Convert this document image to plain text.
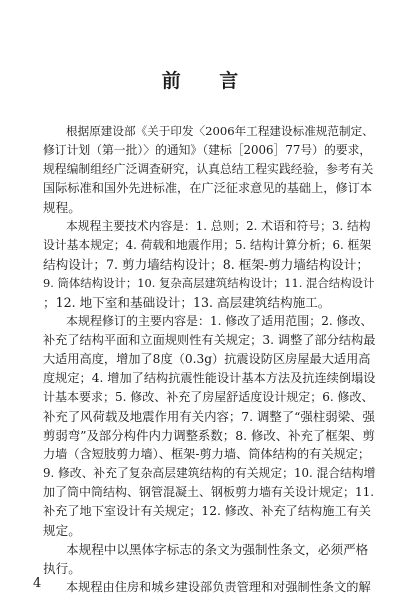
前 言
根据原建设部《关于印发〈2006年工程建设标准规范制定、
修订计划（第一批）〉的通知》（建标［2006］77号）的要求，
规程编制组经广泛调查研究，认真总结工程实践经验，参考有关
国际标准和国外先进标准，在广泛征求意见的基础上，修订本
规程。
本规程主要技术内容是：1. 总则；2. 术语和符号；3. 结构
设计基本规定；4. 荷载和地震作用；5. 结构计算分析；6. 框架
结构设计；7. 剪力墙结构设计；8. 框架-剪力墙结构设计；
9. 筒体结构设计；10. 复杂高层建筑结构设计；11. 混合结构设计
；12. 地下室和基础设计；13. 高层建筑结构施工。
本规程修订的主要内容是：1. 修改了适用范围；2. 修改、
补充了结构平面和立面规则性有关规定；3. 调整了部分结构最
大适用高度，增加了8度（0.3g）抗震设防区房屋最大适用高
度规定；4. 增加了结构抗震性能设计基本方法及抗连续倒塌设
计基本要求；5. 修改、补充了房屋舒适度设计规定；6. 修改、
补充了风荷载及地震作用有关内容；7. 调整了“强柱弱梁、强
剪弱弯”及部分构件内力调整系数；8. 修改、补充了框架、剪
力墙（含短肢剪力墙）、框架-剪力墙、筒体结构的有关规定；
9. 修改、补充了复杂高层建筑结构的有关规定；10. 混合结构增
加了筒中筒结构、钢管混凝土、钢板剪力墙有关设计规定；11.
补充了地下室设计有关规定；12. 修改、补充了结构施工有关
规定。
本规程中以黑体字标志的条文为强制性条文，必须严格
执行。
本规程由住房和城乡建设部负责管理和对强制性条文的解
4
